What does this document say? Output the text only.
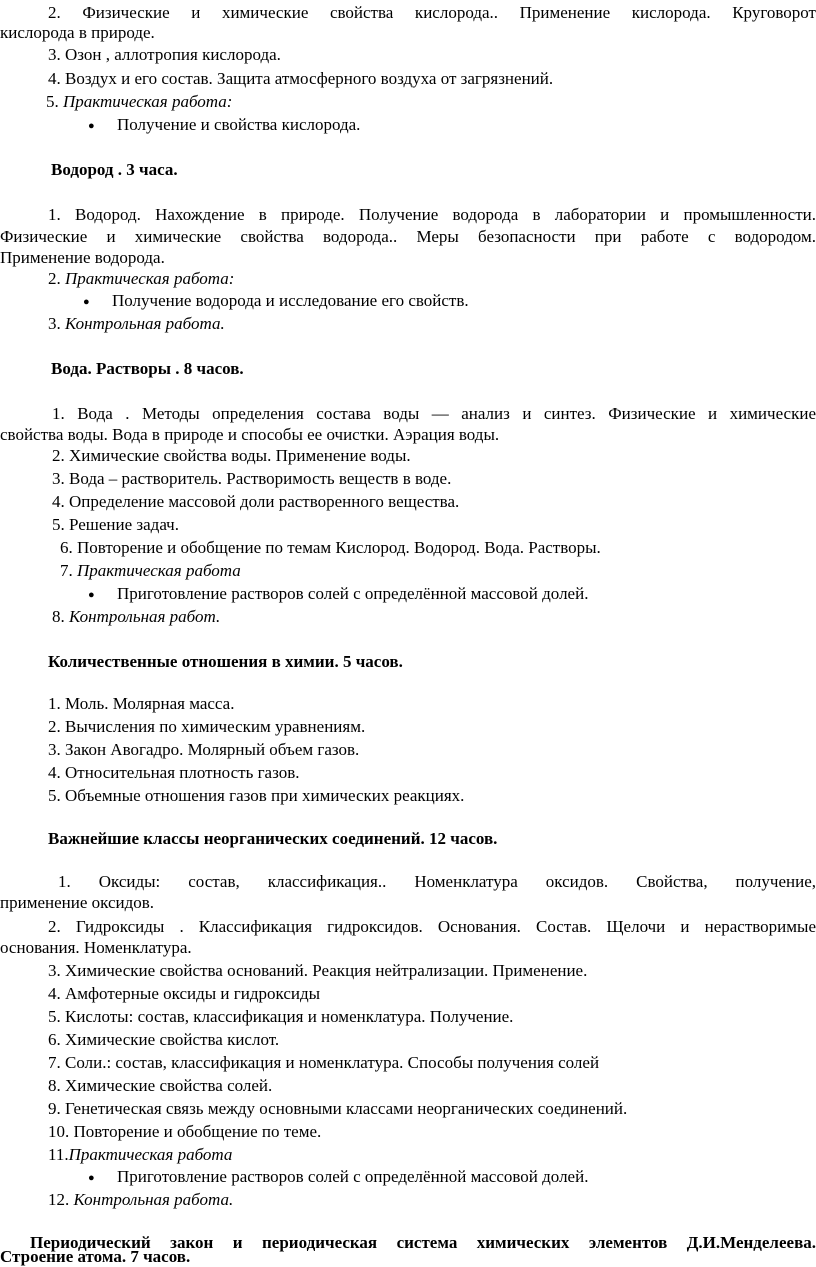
2. Физические и химические свойства кислорода.. Применение кислорода. Круговорот
кислорода в природе.
3. Озон , аллотропия кислорода.
4. Воздух и его состав. Защита атмосферного воздуха от загрязнений.
5. Практическая работа:
● Получение и свойства кислорода.
Водород . 3 часа.
1. Водород. Нахождение в природе. Получение водорода в лаборатории и промышленности.
Физические и химические свойства водорода.. Меры безопасности при работе с водородом.
Применение водорода.
2. Практическая работа:
● Получение водорода и исследование его свойств.
3. Контрольная работа.
Вода. Растворы . 8 часов.
1. Вода . Методы определения состава воды — анализ и синтез. Физические и химические
свойства воды. Вода в природе и способы ее очистки. Аэрация воды.
2. Химические свойства воды. Применение воды.
3. Вода – растворитель. Растворимость веществ в воде.
4. Определение массовой доли растворенного вещества.
5. Решение задач.
6. Повторение и обобщение по темам Кислород. Водород. Вода. Растворы.
7. Практическая работа
● Приготовление растворов солей с определённой массовой долей.
8. Контрольная работ.
Количественные отношения в химии. 5 часов.
1. Моль. Молярная масса.
2. Вычисления по химическим уравнениям.
3. Закон Авогадро. Молярный объем газов.
4. Относительная плотность газов.
5. Объемные отношения газов при химических реакциях.
Важнейшие классы неорганических соединений. 12 часов.
1. Оксиды: состав, классификация.. Номенклатура оксидов. Свойства, получение,
применение оксидов.
2. Гидроксиды . Классификация гидроксидов. Основания. Состав. Щелочи и нерастворимые
основания. Номенклатура.
3. Химические свойства оснований. Реакция нейтрализации. Применение.
4. Амфотерные оксиды и гидроксиды
5. Кислоты: состав, классификация и номенклатура. Получение.
6. Химические свойства кислот.
7. Соли.: состав, классификация и номенклатура. Способы получения солей
8. Химические свойства солей.
9. Генетическая связь между основными классами неорганических соединений.
10. Повторение и обобщение по теме.
11.Практическая работа
● Приготовление растворов солей с определённой массовой долей.
12. Контрольная работа.
Периодический закон и периодическая система химических элементов Д.И.Менделеева.
Строение атома. 7 часов.
